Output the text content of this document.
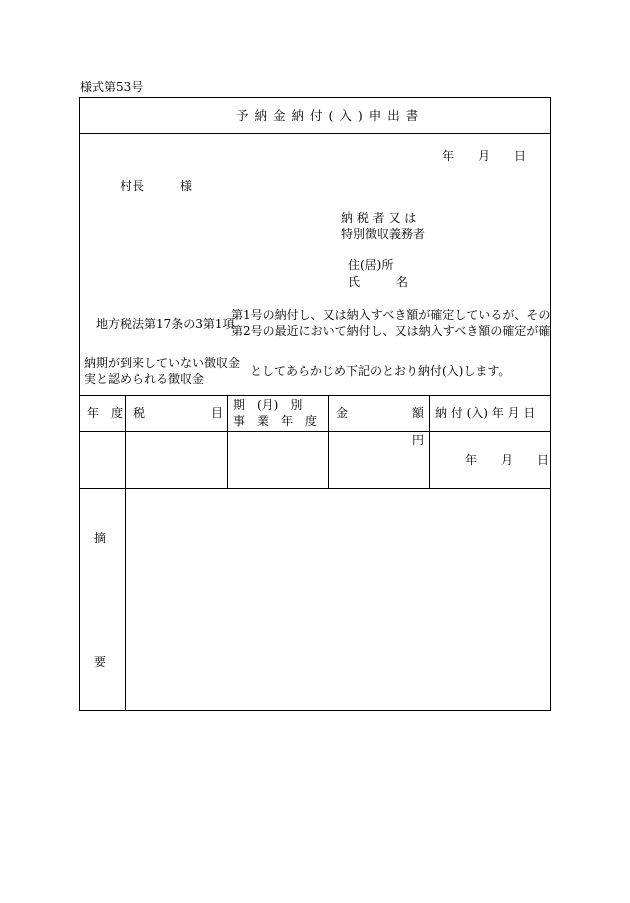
様式第53号
予納金納付(入)申出書
年　　月　　日
村長　　　様
納 税 者 又 は
特別徴収義務者
住(居)所
氏　　　名
地方税法第17条の3第1項
第1号の納付し、又は納入すべき額が確定しているが、その
第2号の最近において納付し、又は納入すべき額の確定が確
納期が到来していない徴収金
実と認められる徴収金
としてあらかじめ下記のとおり納付(入)します。
年　度 税	目
期　(月)　別
事　業　年　度
金	額 納 付 (入) 年 月 日
円
年　　月　　日
摘
要
